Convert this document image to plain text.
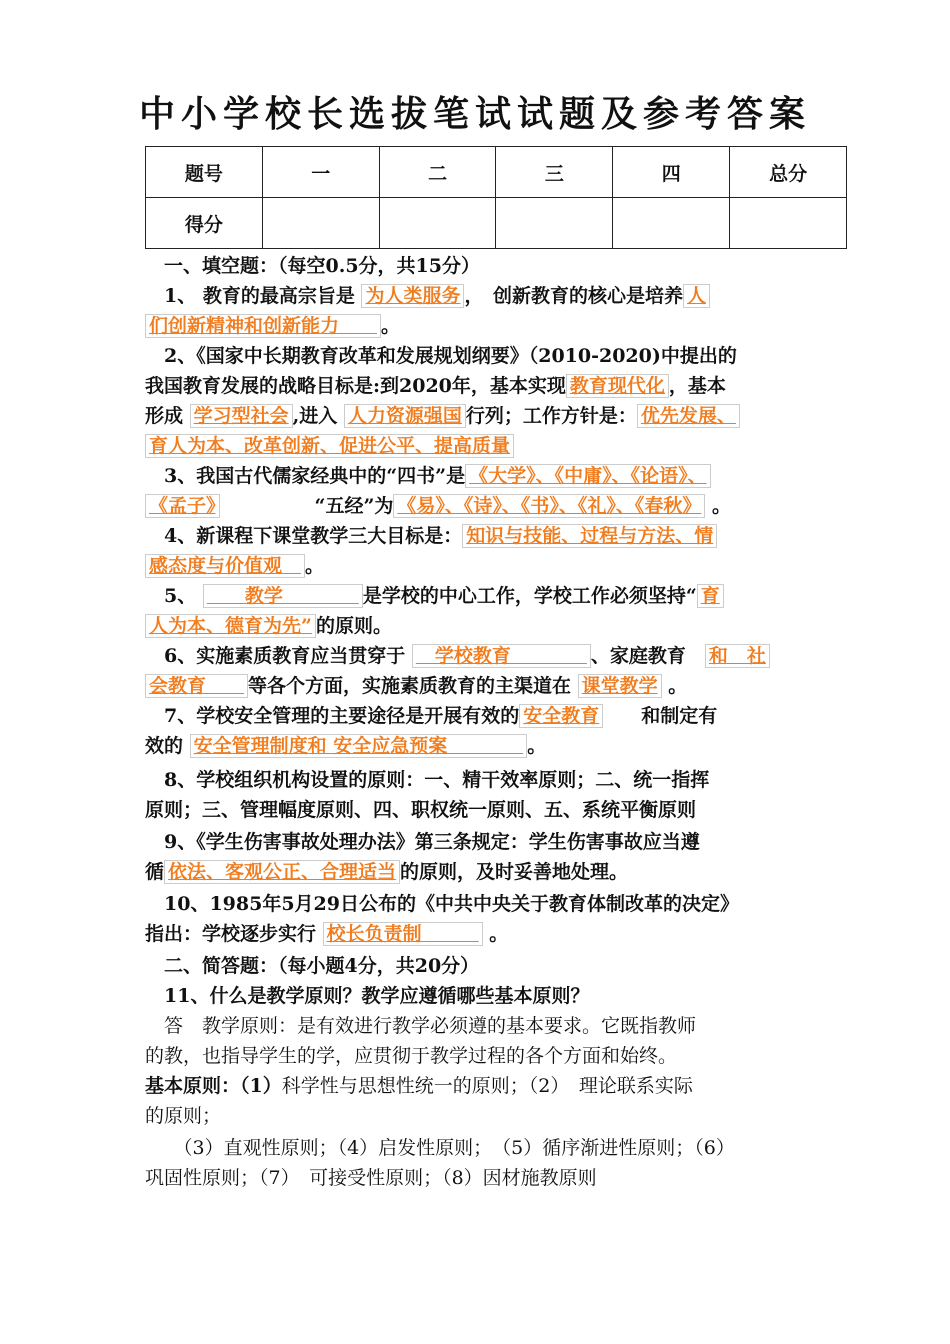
中小学校长选拔笔试试题及参考答案
题号	一	二	三	四	总分
得分					
　一、填空题：（每空0.5分，共15分）
　1、 教育的最高宗旨是 为人类服务 ，　创新教育的核心是培养 人
们创新精神和创新能力　　。
　2、《国家中长期教育改革和发展规划纲要》（2010-2020)中提出的
我国教育发展的战略目标是:到2020年，基本实现 教育现代化 ，基本
形成 学习型社会 ,进入 人力资源强国 行列；工作方针是： 优先发展、
育人为本、改革创新、促进公平、提高质量
　3、我国古代儒家经典中的“四书”是 《大学》、《中庸》、《论语》、
《孟子》　　　　　“五经”为 《易》、《诗》、《书》、《礼》、《春秋》 。
　4、新课程下课堂教学三大目标是： 知识与技能、过程与方法、情
感态度与价值观　。
　5、 　　教学　　　　是学校的中心工作，学校工作必须坚持“ 育
人为本、德育为先” 的原则。
　6、实施素质教育应当贯穿于 　学校教育　　　　、家庭教育　和　社
会教育　　等各个方面，实施素质教育的主渠道在 课堂教学 。
　7、学校安全管理的主要途径是开展有效的 安全教育　　和制定有
效的 安全管理制度和 安全应急预案　　　　。
　8、学校组织机构设置的原则：一、精干效率原则；二、统一指挥
原则；三、管理幅度原则、四、职权统一原则、五、系统平衡原则
　9、《学生伤害事故处理办法》第三条规定：学生伤害事故应当遵
循 依法、客观公正、合理适当 的原则，及时妥善地处理。
　10、1985年5月29日公布的《中共中央关于教育体制改革的决定》
指出：学校逐步实行 校长负责制　　　 。
　二、简答题：（每小题4分，共20分）
　11、什么是教学原则？教学应遵循哪些基本原则？
　答　教学原则：是有效进行教学必须遵的基本要求。它既指教师
的教，也指导学生的学，应贯彻于教学过程的各个方面和始终。
基本原则：（1）科学性与思想性统一的原则；（2）　理论联系实际
的原则；
　　（3）直观性原则；（4）启发性原则；　（5）循序渐进性原则；（6）
巩固性原则；（7）　可接受性原则；（8）因材施教原则
